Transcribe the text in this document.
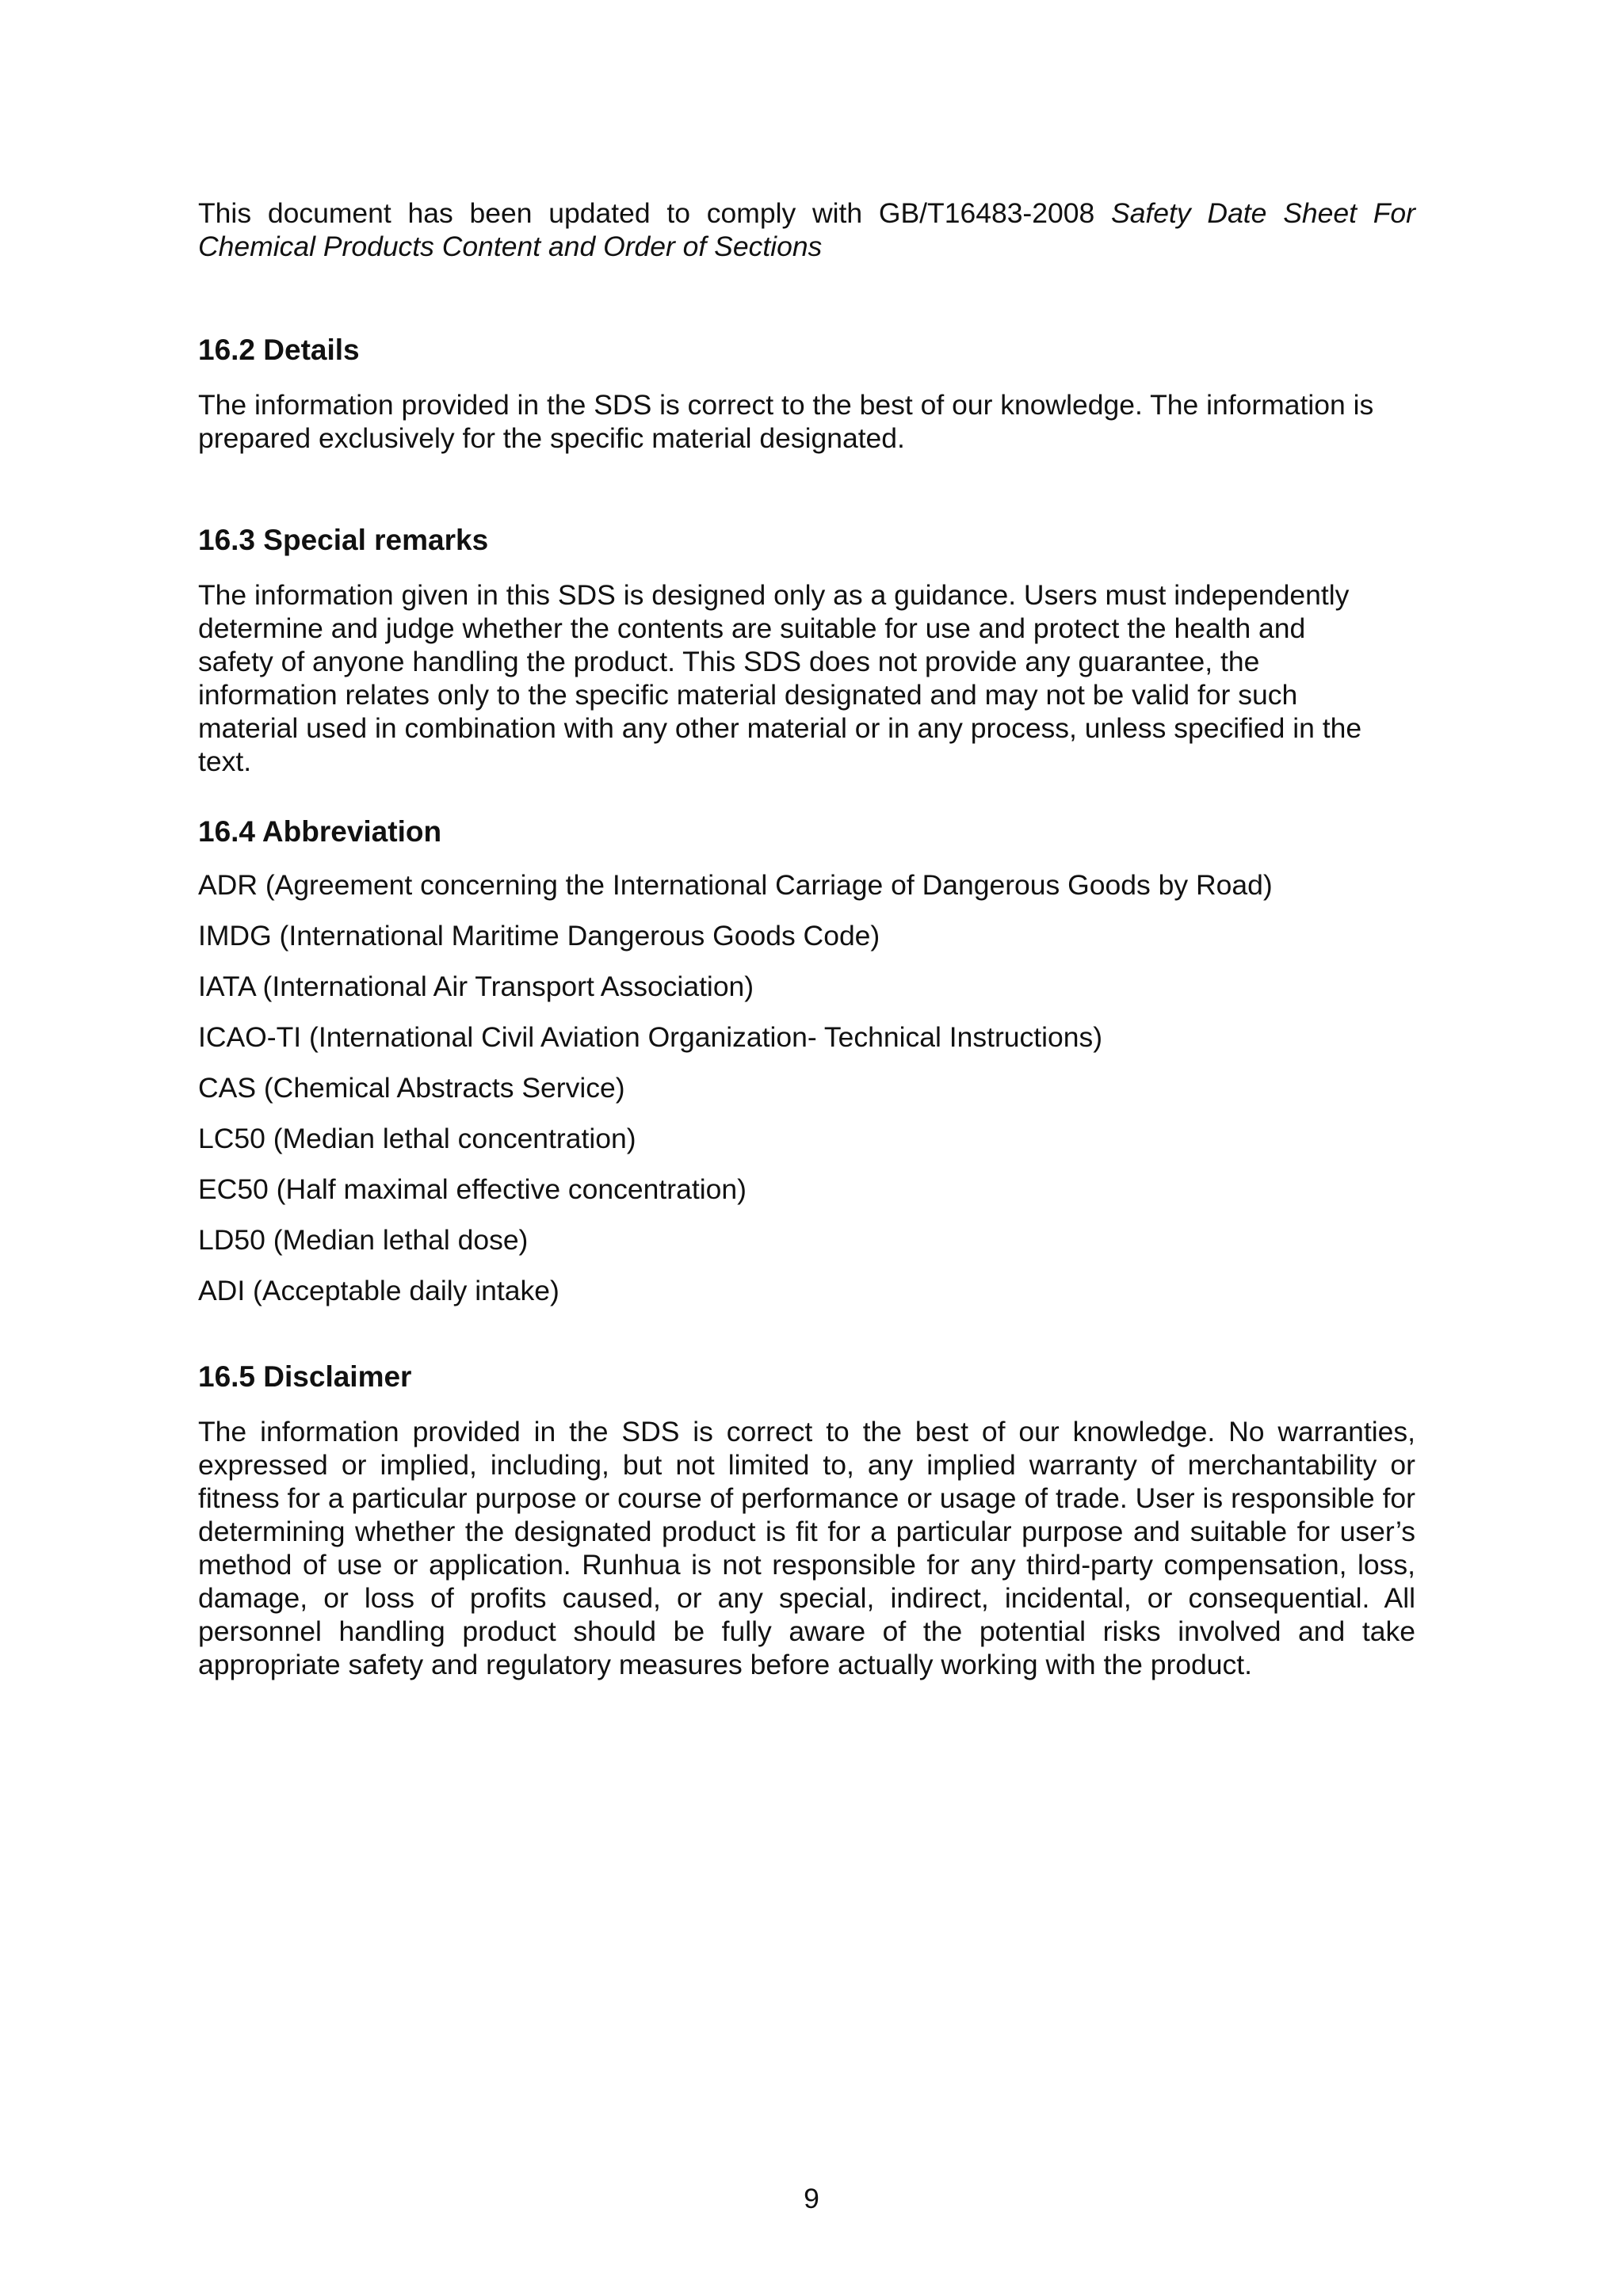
This document has been updated to comply with GB/T16483-2008 Safety Date Sheet For Chemical Products Content and Order of Sections

16.2 Details

The information provided in the SDS is correct to the best of our knowledge. The information is prepared exclusively for the specific material designated.

16.3 Special remarks

The information given in this SDS is designed only as a guidance. Users must independently

determine and judge whether the contents are suitable for use and protect the health and

safety of anyone handling the product. This SDS does not provide any guarantee, the

information relates only to the specific material designated and may not be valid for such

material used in combination with any other material or in any process, unless specified in the

text.

16.4 Abbreviation
ADR (Agreement concerning the International Carriage of Dangerous Goods by Road)
IMDG (International Maritime Dangerous Goods Code)
IATA (International Air Transport Association)
ICAO-TI (International Civil Aviation Organization- Technical Instructions)
CAS (Chemical Abstracts Service)
LC50 (Median lethal concentration)
EC50 (Half maximal effective concentration)
LD50 (Median lethal dose)
ADI (Acceptable daily intake)
16.5 Disclaimer

The information provided in the SDS is correct to the best of our knowledge. No warranties, expressed or implied, including, but not limited to, any implied warranty of merchantability or fitness for a particular purpose or course of performance or usage of trade. User is responsible for determining whether the designated product is fit for a particular purpose and suitable for user’s method of use or application. Runhua is not responsible for any third-party compensation, loss, damage, or loss of profits caused, or any special, indirect, incidental, or consequential. All personnel handling product should be fully aware of the potential risks involved and take appropriate safety and regulatory measures before actually working with the product.

9
